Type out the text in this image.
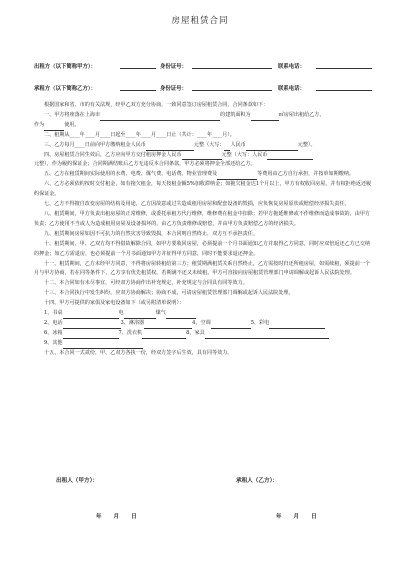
房屋租赁合同
出租方（以下简称甲方）：	身份证号：	联系电话：
承租方（以下简称乙方）：	身份证号：	联系电话：

根据国家和省、市的有关法规，经甲乙双方充分协商，一致同意签订房屋租赁合同，合同条款如下：

一、甲方将座落在上海市	的建筑面积为	㎡房屋出租给乙方，
作为	使用。

二、租期从____年____月____日起至____年____月____日止（共计：____年____月）。

三、乙方每月____日前向甲方缴纳租金人民币	元整（大写： 人民币	元整）。
四、房屋租赁合同生效后，乙方应向甲方交付租房押金人民币	元整（大写：人民币
元整），作为履约保证金；合同期满结账后乙方无违反本合同条款，甲方必须将押金全部还给乙方。
五、乙方在租赁期间实际使用的水费、电费、煤气费、电话费、物业管理费及	等费用由乙方自行承担，并按单如期缴纳。

六、乙方必须依约按时交付租金，如有拖欠租金，每天按租金额5%加收滞纳金；如拖欠租金达1个月以上，甲方有权收回房屋，并有权拒绝返还履约保证金。

七、乙方不得擅自改变房屋的结构及用途，乙方因故意或过失造成租用房屋和配套设备的毁损，应负恢复房屋原状或赔偿经济损失责任。

八、租赁期间，甲方负责出租房屋的正常维修，或委托承租方代行维修，维修费在租金中扣除；若甲方拖延维修或不作维修而造成事故的，由甲方负责；乙方使用不当或人为造成租用房屋及设备损坏的，由乙方负责维修或赔偿，并由甲方负责赔偿乙方的经济损失。

九、租赁期间房屋如因不可抗力的自然灾害导致毁损，本合同则自然终止，双方互不承担责任。

十、租赁期间，甲、乙双方均不得借故解除合同，如甲方要收回房屋，必须提前一个月书面通知乙方并取得乙方同意，同时应双倍返还乙方已交纳的押金；如乙方需退房，也必须提前一个月书面通知甲方并征得甲方同意，同时不能要求退还押金。

十一、租赁期间，乙方未经甲方同意，不得将房屋转租给第三方；租赁期满租赁关系自然终止，乙方需按时归还所租房屋，如需续租，须提前一个月与甲方协商，若在同等条件下，乙方享有优先租赁权。若期满不还又未续租，甲方可直接向房屋租赁管理部门申请调解或起诉人民法院处理。

十二、本合同如有未尽事宜，可经双方协商作出补充规定，补充规定与合同具有同等效力。

十三、本合同执行中发生纠纷，应双方协商解决；协商不成，可请房屋租赁管理部门调解或起诉人民法院处理。

十四、甲方可提供的家俱及家电设备如下（或另附清单说明）：

1、书桌	电	煤气
2、电话	3、淋浴器	4、空调	5、彩电
6、冰箱	7、洗衣机	8、家具
9、其他

十五、本合同一式贰份，甲、乙双方各执一份，经双方签字后生效，具有同等效力。

出租人（甲方）：	承租人（乙方）：
年 月 日	年 月 日
